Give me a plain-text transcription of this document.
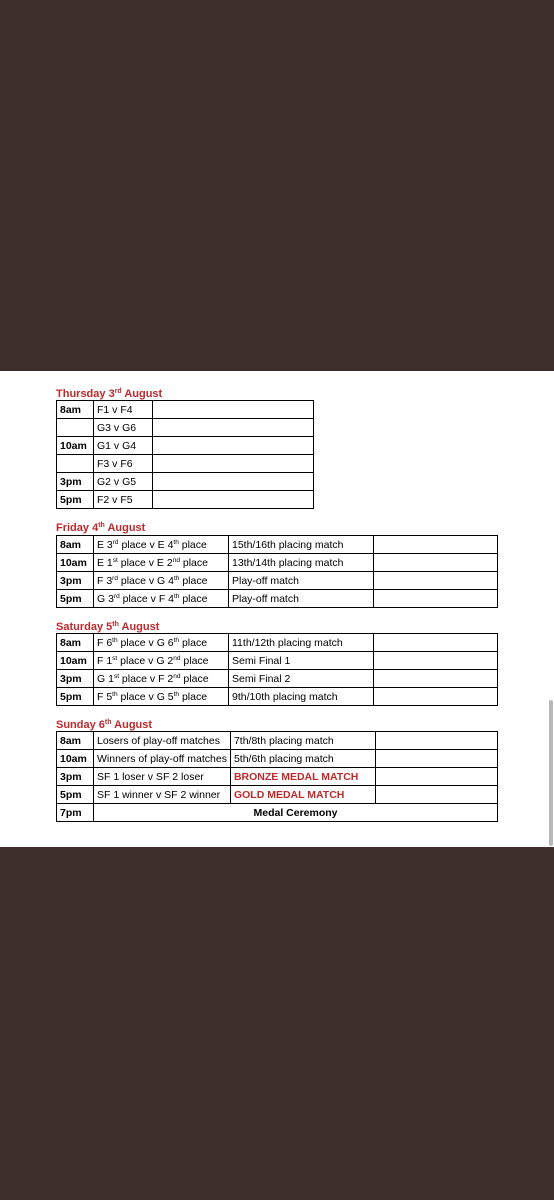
Thursday 3rd August
8am	F1 v F4	
	G3 v G6	
10am	G1 v G4	
	F3 v F6	
3pm	G2 v G5	
5pm	F2 v F5	
Friday 4th August
8am	E 3rd place v E 4th place	15th/16th placing match	
10am	E 1st place v E 2nd place	13th/14th placing match	
3pm	F 3rd place v G 4th place	Play-off match	
5pm	G 3rd place v F 4th place	Play-off match	
Saturday 5th August
8am	F 6th place v G 6th place	11th/12th placing match	
10am	F 1st place v G 2nd place	Semi Final 1	
3pm	G 1st place v F 2nd place	Semi Final 2	
5pm	F 5th place v G 5th place	9th/10th placing match	
Sunday 6th August
8am	Losers of play-off matches	7th/8th placing match	
10am	Winners of play-off matches	5th/6th placing match	
3pm	SF 1 loser v SF 2 loser	BRONZE MEDAL MATCH	
5pm	SF 1 winner v SF 2 winner	GOLD MEDAL MATCH	
7pm	Medal Ceremony		
